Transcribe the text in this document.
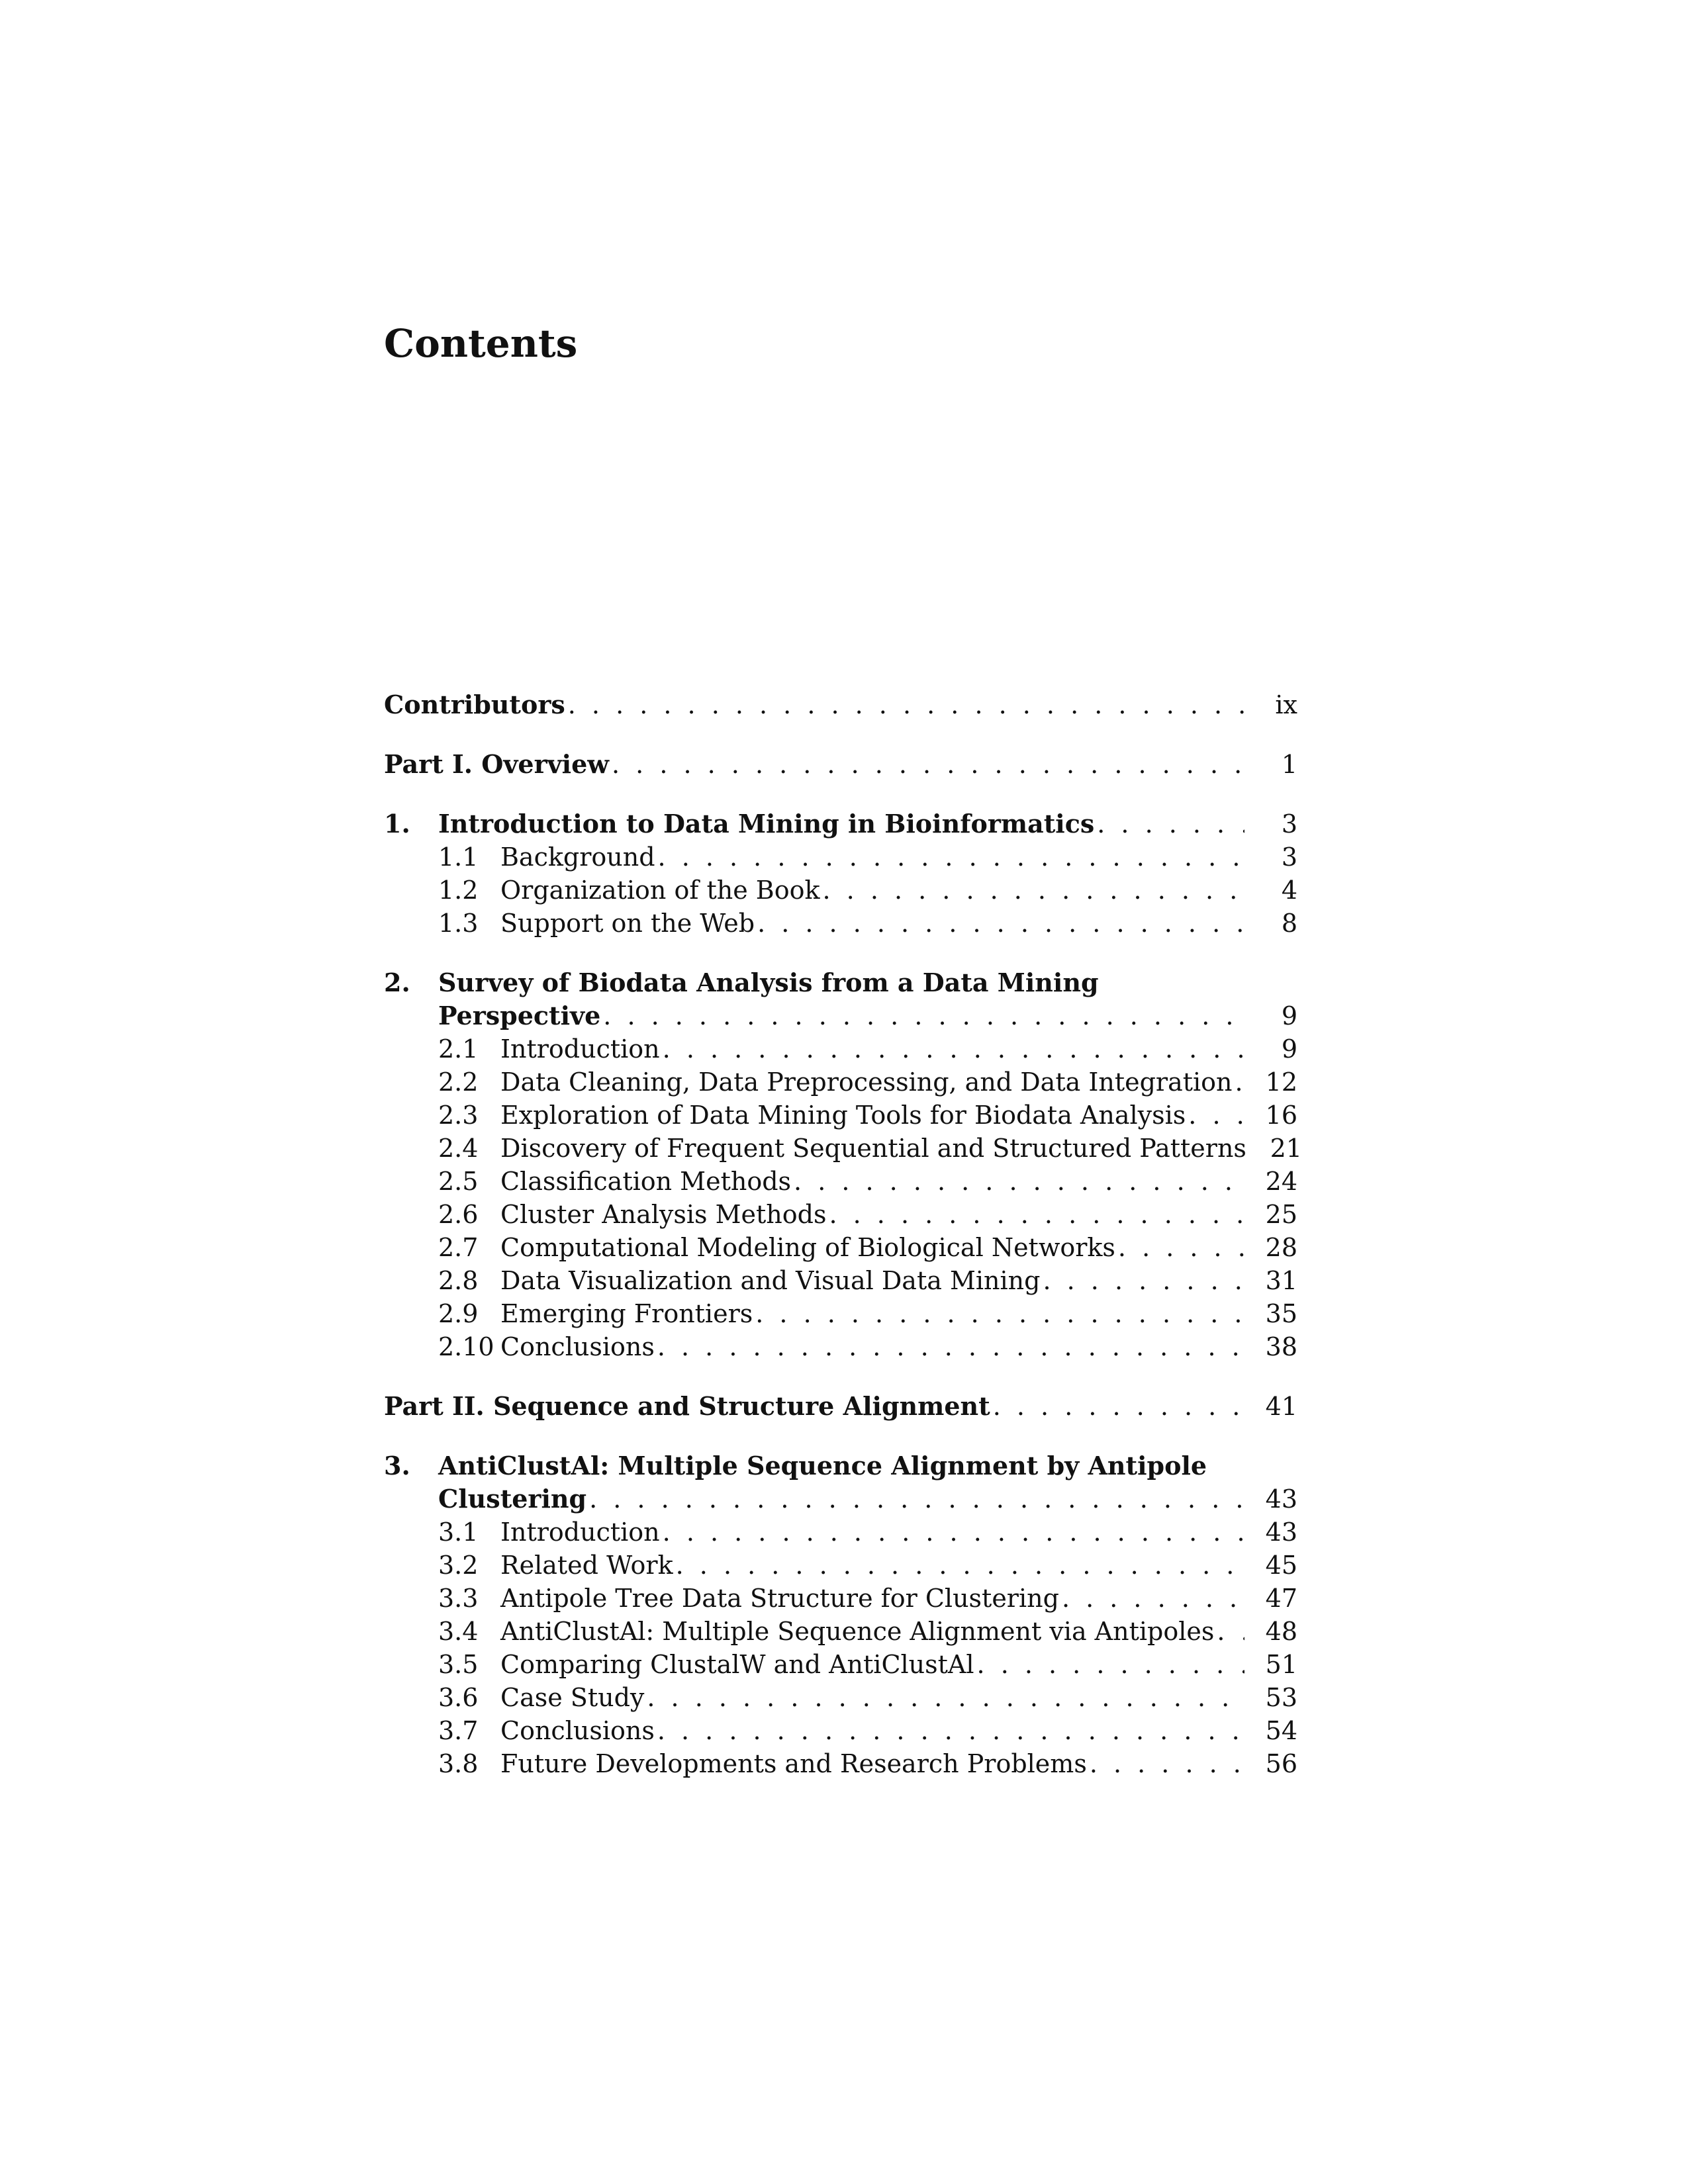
Contents
Contributors . . .	ix
Part I. Overview . . .	1
1.	Introduction to Data Mining in Bioinformatics . . .	3
1.1 Background . . .	3
1.2 Organization of the Book . . .	4
1.3 Support on the Web . . .	8
2.	Survey of Biodata Analysis from a Data Mining
Perspective . . .	9
2.1 Introduction . . .	9
2.2 Data Cleaning, Data Preprocessing, and Data Integration . . .	12
2.3 Exploration of Data Mining Tools for Biodata Analysis . . .	16
2.4 Discovery of Frequent Sequential and Structured Patterns 21
2.5 Classification Methods . . .	24
2.6 Cluster Analysis Methods . . .	25
2.7 Computational Modeling of Biological Networks . . .	28
2.8 Data Visualization and Visual Data Mining . . .	31
2.9 Emerging Frontiers . . .	35
2.10 Conclusions . . .	38
Part II. Sequence and Structure Alignment . . .	41
3.	AntiClustAl: Multiple Sequence Alignment by Antipole
Clustering . . .	43
3.1 Introduction . . .	43
3.2 Related Work . . .	45
3.3 Antipole Tree Data Structure for Clustering . . .	47
3.4 AntiClustAl: Multiple Sequence Alignment via Antipoles . . .	48
3.5 Comparing ClustalW and AntiClustAl . . .	51
3.6 Case Study . . .	53
3.7 Conclusions . . .	54
3.8 Future Developments and Research Problems . . .	56
